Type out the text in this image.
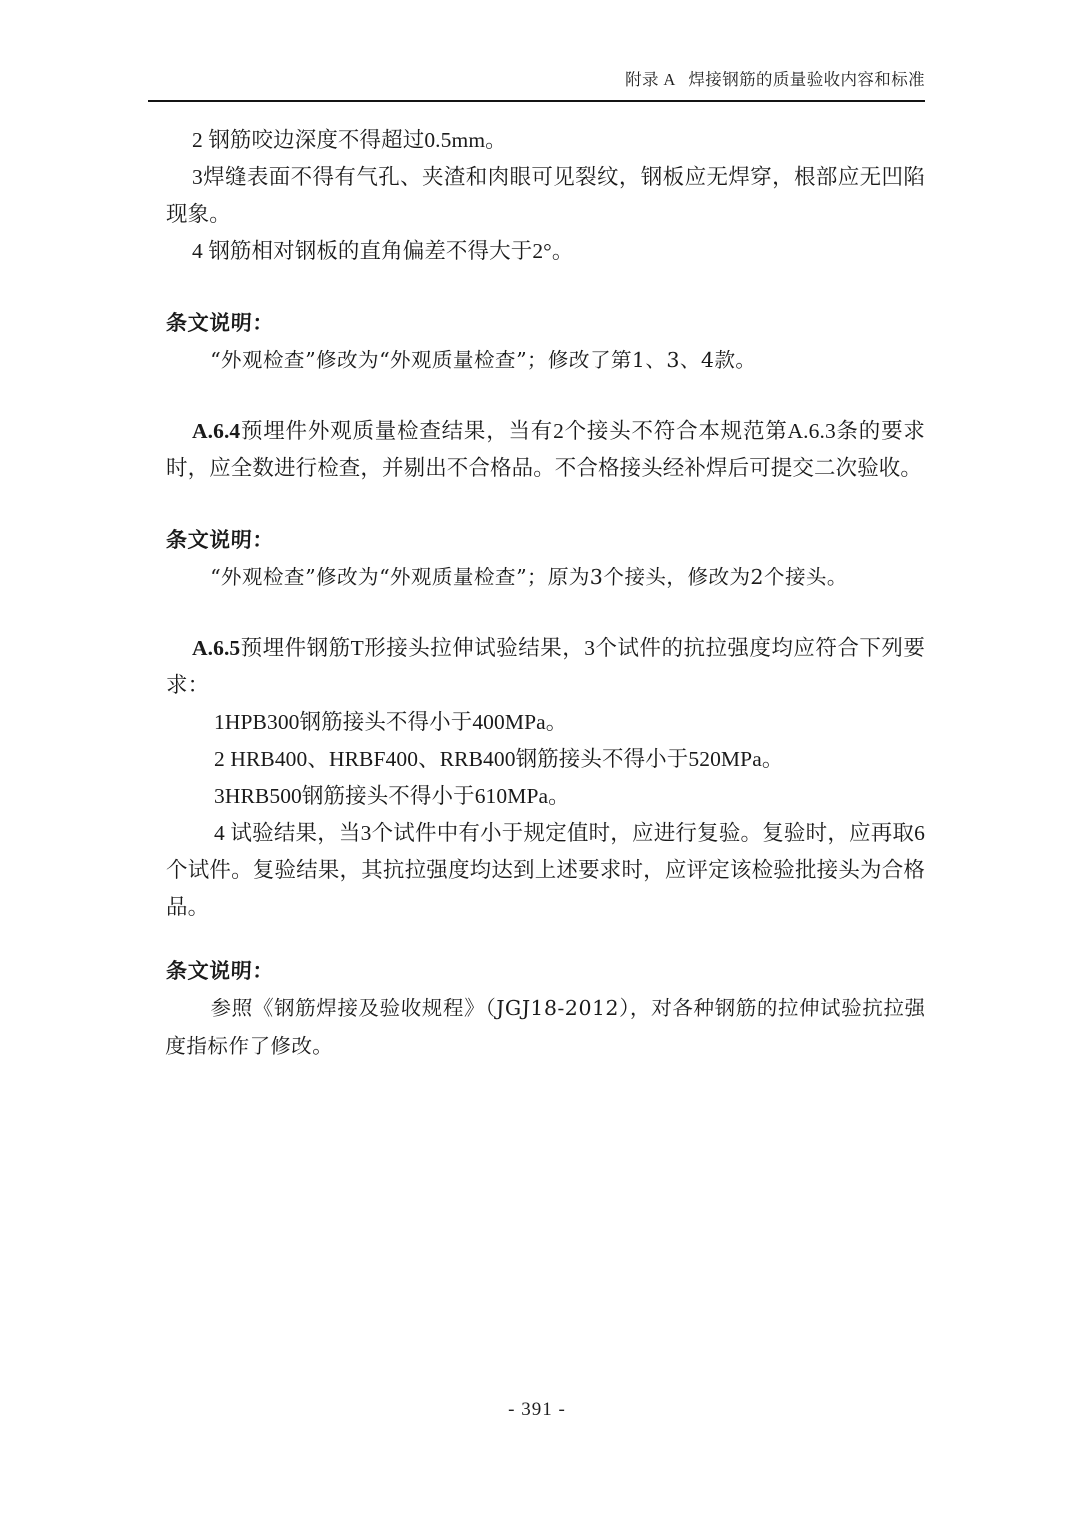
附录 A   焊接钢筋的质量验收内容和标准

2 钢筋咬边深度不得超过0.5mm。

3焊缝表面不得有气孔、夹渣和肉眼可见裂纹，钢板应无焊穿，根部应无凹陷现象。

4 钢筋相对钢板的直角偏差不得大于2°。

条文说明：

“外观检查”修改为“外观质量检查”；修改了第1、3、4款。

A.6.4预埋件外观质量检查结果，当有2个接头不符合本规范第A.6.3条的要求时，应全数进行检查，并剔出不合格品。不合格接头经补焊后可提交二次验收。

条文说明：

“外观检查”修改为“外观质量检查”；原为3个接头，修改为2个接头。

A.6.5预埋件钢筋T形接头拉伸试验结果，3个试件的抗拉强度均应符合下列要求：

1HPB300钢筋接头不得小于400MPa。

2 HRB400、HRBF400、RRB400钢筋接头不得小于520MPa。

3HRB500钢筋接头不得小于610MPa。

4 试验结果，当3个试件中有小于规定值时，应进行复验。复验时，应再取6个试件。复验结果，其抗拉强度均达到上述要求时，应评定该检验批接头为合格品。

条文说明：

参照《钢筋焊接及验收规程》（JGJ18-2012），对各种钢筋的拉伸试验抗拉强度指标作了修改。

- 391 -
